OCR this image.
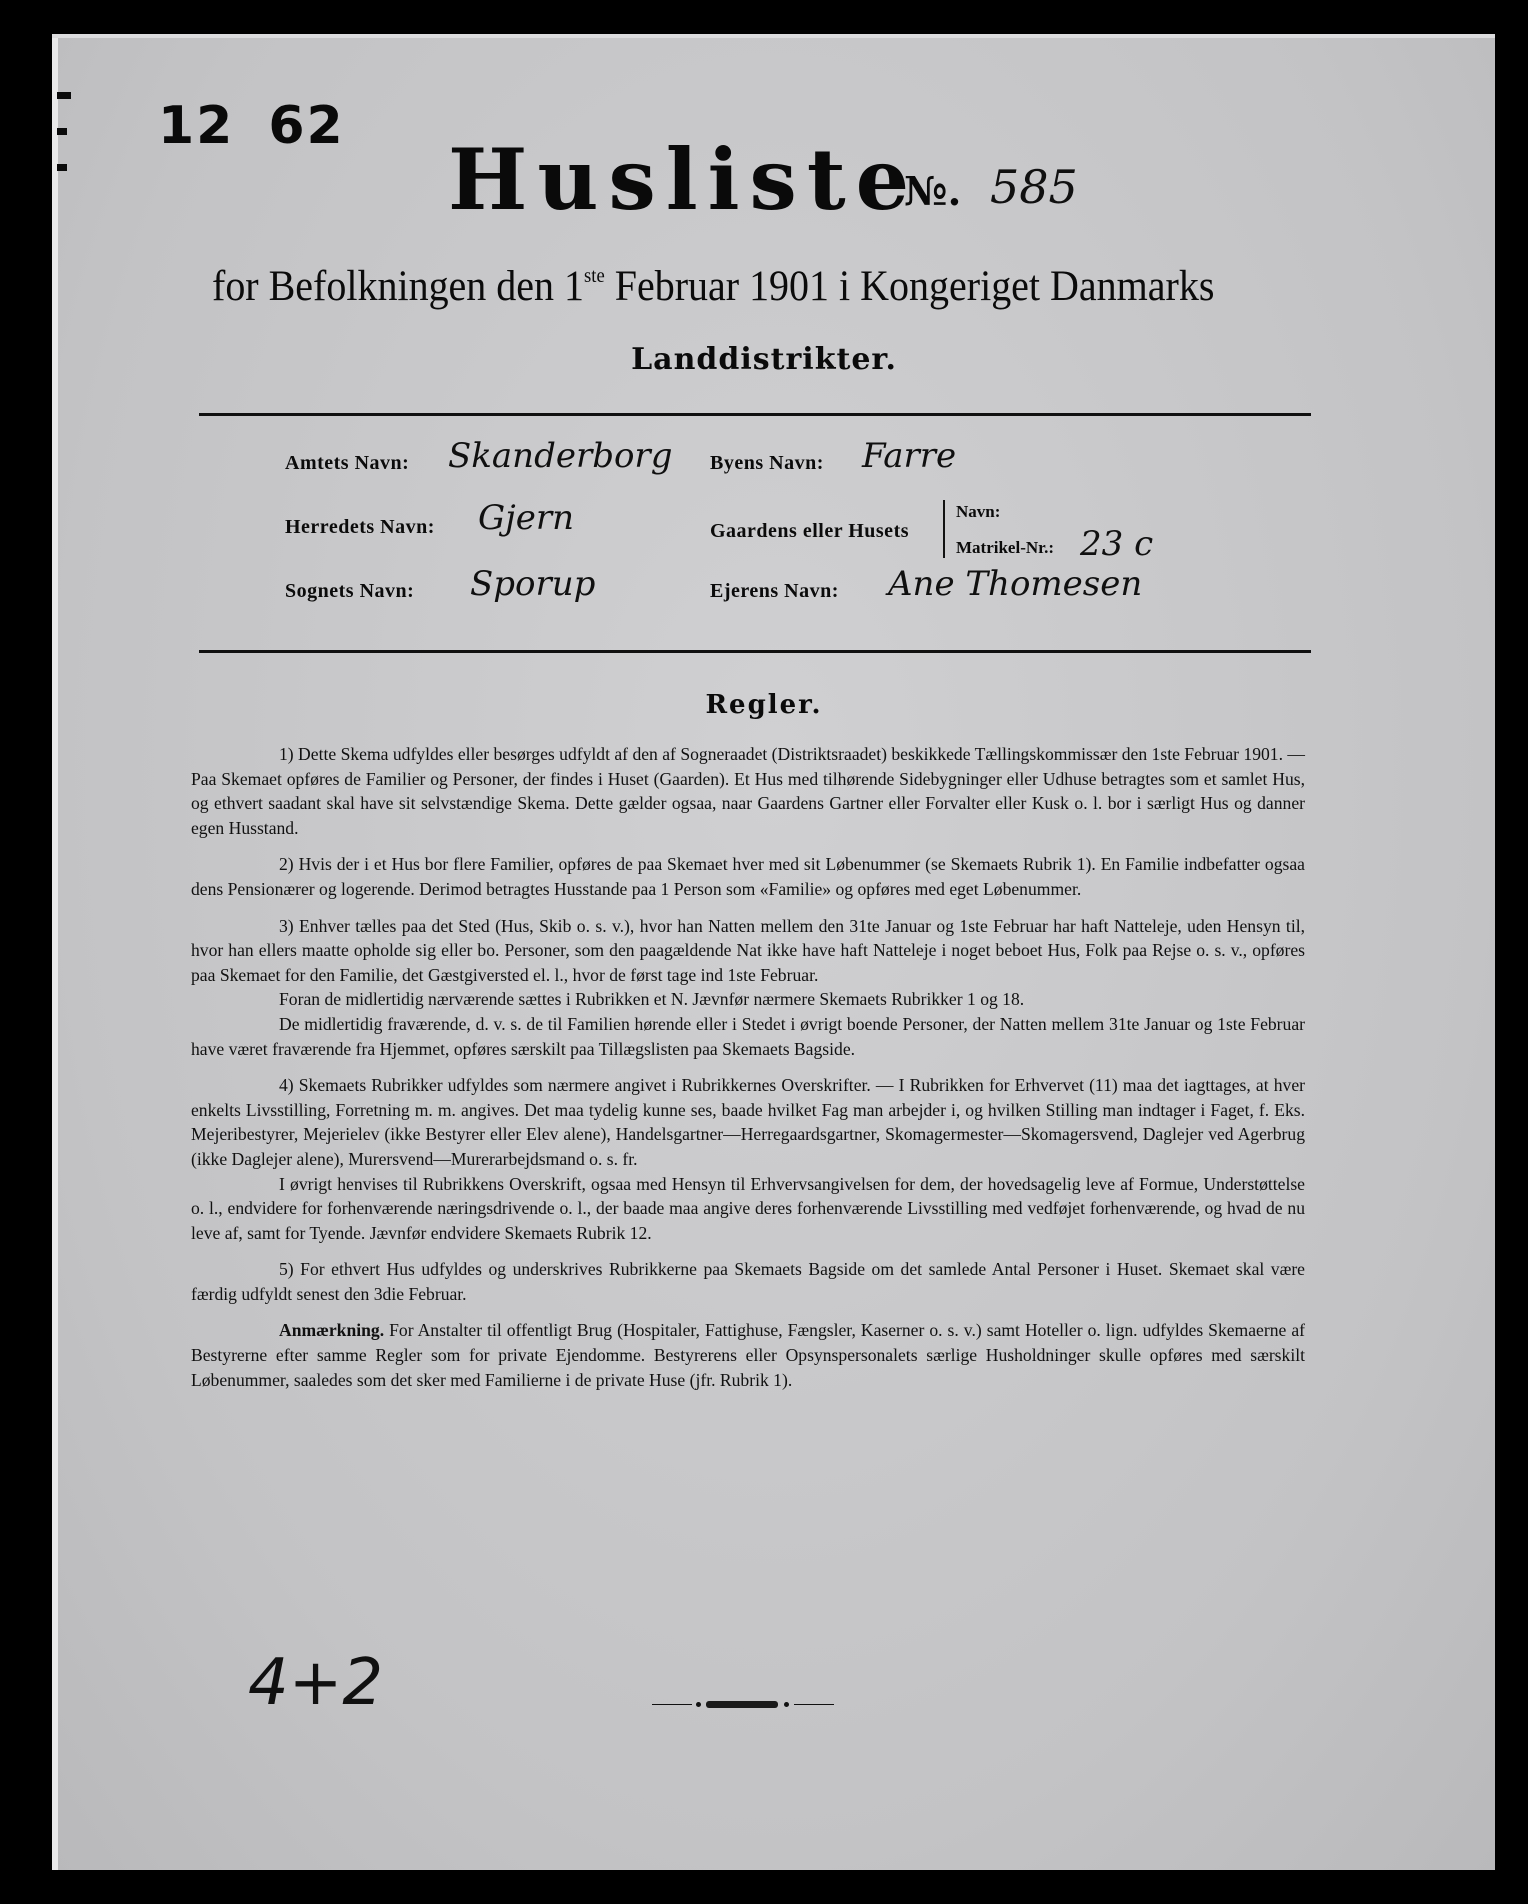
12 62
Husliste
№. 585
for Befolkningen den 1ste Februar 1901 i Kongeriget Danmarks
Landdistrikter.
Amtets Navn: Skanderborg
Herredets Navn: Gjern
Sognets Navn: Sporup
Byens Navn: Farre
Gaardens eller Husets
Navn:
Matrikel-Nr.: 23 c
Ejerens Navn: Ane Thomesen
Regler.

1) Dette Skema udfyldes eller besørges udfyldt af den af Sogneraadet (Distriktsraadet) beskikkede Tællingskommissær den 1ste Februar 1901. — Paa Skemaet opføres de Familier og Personer, der findes i Huset (Gaarden). Et Hus med tilhørende Sidebygninger eller Udhuse betragtes som et samlet Hus, og ethvert saadant skal have sit selvstændige Skema. Dette gælder ogsaa, naar Gaardens Gartner eller Forvalter eller Kusk o. l. bor i særligt Hus og danner egen Husstand.

2) Hvis der i et Hus bor flere Familier, opføres de paa Skemaet hver med sit Løbenummer (se Skemaets Rubrik 1). En Familie indbefatter ogsaa dens Pensionærer og logerende. Derimod betragtes Husstande paa 1 Person som «Familie» og opføres med eget Løbenummer.

3) Enhver tælles paa det Sted (Hus, Skib o. s. v.), hvor han Natten mellem den 31te Januar og 1ste Februar har haft Natteleje, uden Hensyn til, hvor han ellers maatte opholde sig eller bo. Personer, som den paagældende Nat ikke have haft Natteleje i noget beboet Hus, Folk paa Rejse o. s. v., opføres paa Skemaet for den Familie, det Gæstgiversted el. l., hvor de først tage ind 1ste Februar.

Foran de midlertidig nærværende sættes i Rubrikken et N. Jævnfør nærmere Skemaets Rubrikker 1 og 18.

De midlertidig fraværende, d. v. s. de til Familien hørende eller i Stedet i øvrigt boende Personer, der Natten mellem 31te Januar og 1ste Februar have været fraværende fra Hjemmet, opføres særskilt paa Tillægslisten paa Skemaets Bagside.

4) Skemaets Rubrikker udfyldes som nærmere angivet i Rubrikkernes Overskrifter. — I Rubrikken for Erhvervet (11) maa det iagttages, at hver enkelts Livsstilling, Forretning m. m. angives. Det maa tydelig kunne ses, baade hvilket Fag man arbejder i, og hvilken Stilling man indtager i Faget, f. Eks. Mejeribestyrer, Mejerielev (ikke Bestyrer eller Elev alene), Handelsgartner—Herregaardsgartner, Skomagermester—Skomagersvend, Daglejer ved Agerbrug (ikke Daglejer alene), Murersvend—Murerarbejdsmand o. s. fr.

I øvrigt henvises til Rubrikkens Overskrift, ogsaa med Hensyn til Erhvervsangivelsen for dem, der hovedsagelig leve af Formue, Understøttelse o. l., endvidere for forhenværende næringsdrivende o. l., der baade maa angive deres forhenværende Livsstilling med vedføjet forhenværende, og hvad de nu leve af, samt for Tyende. Jævnfør endvidere Skemaets Rubrik 12.

5) For ethvert Hus udfyldes og underskrives Rubrikkerne paa Skemaets Bagside om det samlede Antal Personer i Huset. Skemaet skal være færdig udfyldt senest den 3die Februar.

Anmærkning. For Anstalter til offentligt Brug (Hospitaler, Fattighuse, Fængsler, Kaserner o. s. v.) samt Hoteller o. lign. udfyldes Skemaerne af Bestyrerne efter samme Regler som for private Ejendomme. Bestyrerens eller Opsynspersonalets særlige Husholdninger skulle opføres med særskilt Løbenummer, saaledes som det sker med Familierne i de private Huse (jfr. Rubrik 1).

4+2
